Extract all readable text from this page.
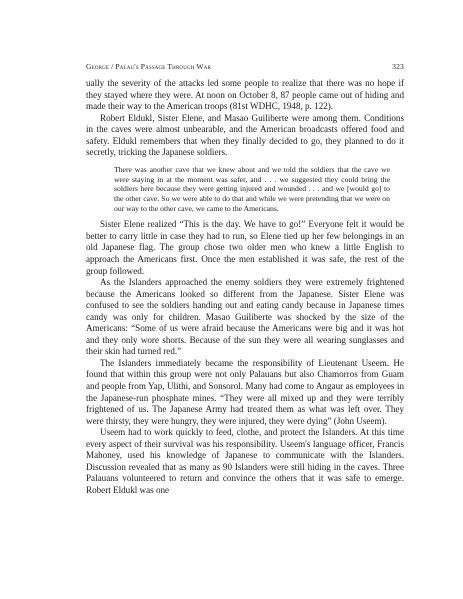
George / Palau's Passage Through War	323

ually the severity of the attacks led some people to realize that there was no hope if they stayed where they were. At noon on October 8, 87 people came out of hiding and made their way to the American troops (81st WDHC, 1948, p. 122).

Robert Eldukl, Sister Elene, and Masao Guiliberte were among them. Conditions in the caves were almost unbearable, and the American broadcasts offered food and safety. Eldukl remembers that when they finally decided to go, they planned to do it secretly, tricking the Japanese soldiers.

There was another cave that we knew about and we told the soldiers that the cave we were staying in at the moment was safer, and . . . we suggested they could bring the soldiers here because they were getting injured and wounded . . . and we [would go] to the other cave. So we were able to do that and while we were pretending that we were on our way to the other cave, we came to the Americans.

Sister Elene realized “This is the day. We have to go!” Everyone felt it would be better to carry little in case they had to run, so Elene tied up her few belongings in an old Japanese flag. The group chose two older men who knew a little English to approach the Americans first. Once the men established it was safe, the rest of the group followed.

As the Islanders approached the enemy soldiers they were extremely frightened because the Americans looked so different from the Japanese. Sister Elene was confused to see the soldiers handing out and eating candy because in Japanese times candy was only for children. Masao Guiliberte was shocked by the size of the Americans: “Some of us were afraid because the Americans were big and it was hot and they only wore shorts. Because of the sun they were all wearing sunglasses and their skin had turned red.”

The Islanders immediately became the responsibility of Lieutenant Useem. He found that within this group were not only Palauans but also Chamorros from Guam and people from Yap, Ulithi, and Sonsorol. Many had come to Angaur as employees in the Japanese-run phosphate mines. “They were all mixed up and they were terribly frightened of us. The Japanese Army had treated them as what was left over. They were thirsty, they were hungry, they were injured, they were dying” (John Useem).

Useem had to work quickly to feed, clothe, and protect the Islanders. At this time every aspect of their survival was his responsibility. Useem's language officer, Francis Mahoney, used his knowledge of Japanese to communicate with the Islanders. Discussion revealed that as many as 90 Islanders were still hiding in the caves. Three Palauans volunteered to return and convince the others that it was safe to emerge. Robert Eldukl was one
